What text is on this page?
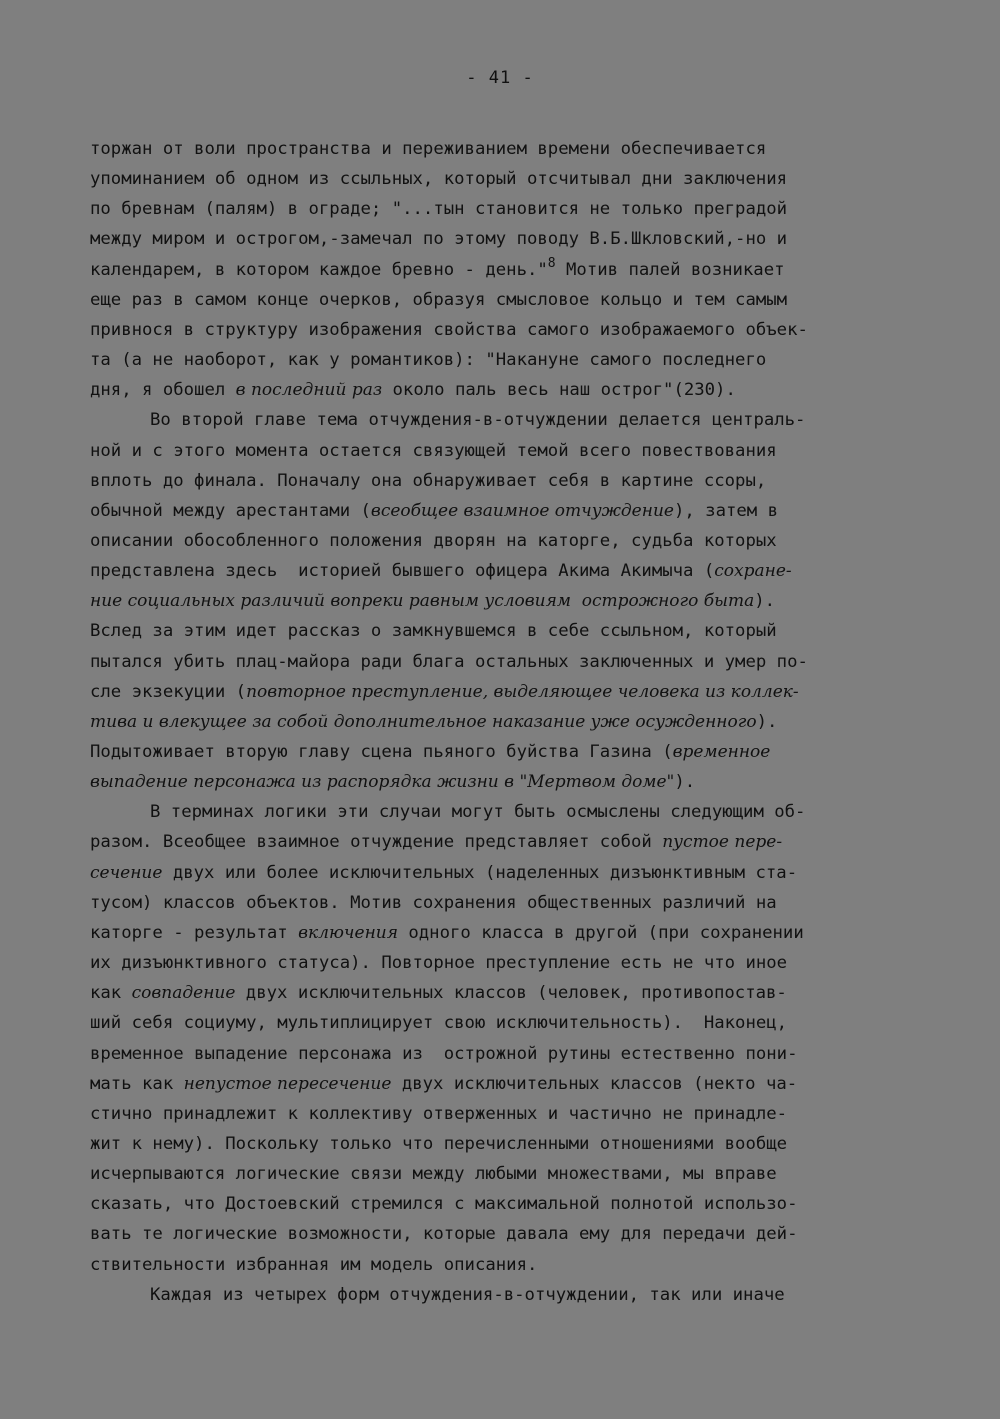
- 41 -
торжан от воли пространства и переживанием времени обеспечивается
упоминанием об одном из ссыльных, который отсчитывал дни заключения
по бревнам (палям) в ограде; "...тын становится не только преградой
между миром и острогом,-замечал по этому поводу В.Б.Шкловский,-но и
календарем, в котором каждое бревно - день."$^8$ Мотив палей возникает
еще раз в самом конце очерков, образуя смысловое кольцо и тем самым
привнося в структуру изображения свойства самого изображаемого объек-
та (а не наоборот, как у романтиков): "Накануне самого последнего
дня, я обошел в последний раз около паль весь наш острог"(230).
Во второй главе тема отчуждения-в-отчуждении делается централь-
ной и с этого момента остается связующей темой всего повествования
вплоть до финала. Поначалу она обнаруживает себя в картине ссоры,
обычной между арестантами (всеобщее взаимное отчуждение), затем в
описании обособленного положения дворян на каторге, судьба которых
представлена здесь  историей бывшего офицера Акима Акимыча (сохране-
ние социальных различий вопреки равным условиям  острожного быта).
Вслед за этим идет рассказ о замкнувшемся в себе ссыльном, который
пытался убить плац-майора ради блага остальных заключенных и умер по-
сле экзекуции (повторное преступление, выделяющее человека из коллек-
тива и влекущее за собой дополнительное наказание уже осужденного).
Подытоживает вторую главу сцена пьяного буйства Газина (временное
выпадение персонажа из распорядка жизни в "Мертвом доме").
В терминах логики эти случаи могут быть осмыслены следующим об-
разом. Всеобщее взаимное отчуждение представляет собой пустое пере-
сечение двух или более исключительных (наделенных дизъюнктивным ста-
тусом) классов объектов. Мотив сохранения общественных различий на
каторге - результат включения одного класса в другой (при сохранении
их дизъюнктивного статуса). Повторное преступление есть не что иное
как совпадение двух исключительных классов (человек, противопостав-
ший себя социуму, мультиплицирует свою исключительность).  Наконец,
временное выпадение персонажа из  острожной рутины естественно пони-
мать как непустое пересечение двух исключительных классов (некто ча-
стично принадлежит к коллективу отверженных и частично не принадле-
жит к нему). Поскольку только что перечисленными отношениями вообще
исчерпываются логические связи между любыми множествами, мы вправе
сказать, что Достоевский стремился с максимальной полнотой использо-
вать те логические возможности, которые давала ему для передачи дей-
ствительности избранная им модель описания.
Каждая из четырех форм отчуждения-в-отчуждении, так или иначе
